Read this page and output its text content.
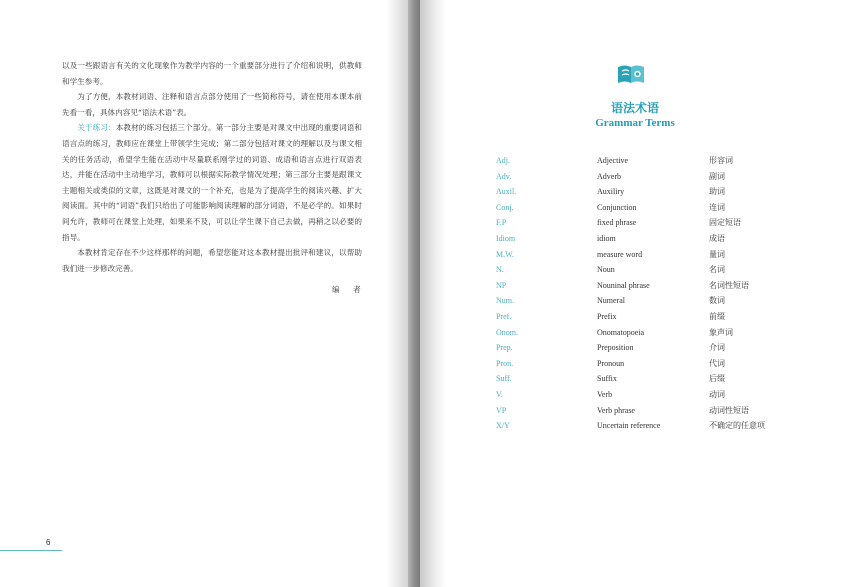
以及一些跟语言有关的文化现象作为教学内容的一个重要部分进行了介绍和说明，供教师和学生参考。

为了方便，本教材词语、注释和语言点部分使用了一些简称符号，请在使用本课本前先看一看，具体内容见“语法术语”表。

关于练习：本教材的练习包括三个部分。第一部分主要是对课文中出现的重要词语和语言点的练习，教师应在课堂上带领学生完成；第二部分包括对课文的理解以及与课文相关的任务活动，希望学生能在活动中尽量联系刚学过的词语、成语和语言点进行双语表达，并能在活动中主动地学习，教师可以根据实际教学情况处理；第三部分主要是跟课文主题相关或类似的文章，这既是对课文的一个补充，也是为了提高学生的阅读兴趣、扩大阅读面。其中的“词语”我们只给出了可能影响阅读理解的部分词语，不是必学的。如果时间允许，教师可在课堂上处理，如果来不及，可以让学生课下自己去做，再稍之以必要的指导。

本教材肯定存在不少这样那样的问题，希望您能对这本教材提出批评和建议，以帮助我们进一步修改完善。

编　者
6
语法术语
Grammar Terms
Adj.	Adjective	形容词
Adv.	Adverb	副词
Auxil.	Auxiliry	助词
Conj.	Conjunction	连词
F.P	fixed phrase	固定短语
Idiom	idiom	成语
M.W.	measure word	量词
N.	Noun	名词
NP	Nouninal phrase	名词性短语
Num.	Numeral	数词
Pref.	Prefix	前缀
Onom.	Onomatopoeia	象声词
Prep.	Preposition	介词
Pron.	Pronoun	代词
Suff.	Suffix	后缀
V.	Verb	动词
VP	Verb phrase	动词性短语
X/Y	Uncertain reference	不确定的任意项
